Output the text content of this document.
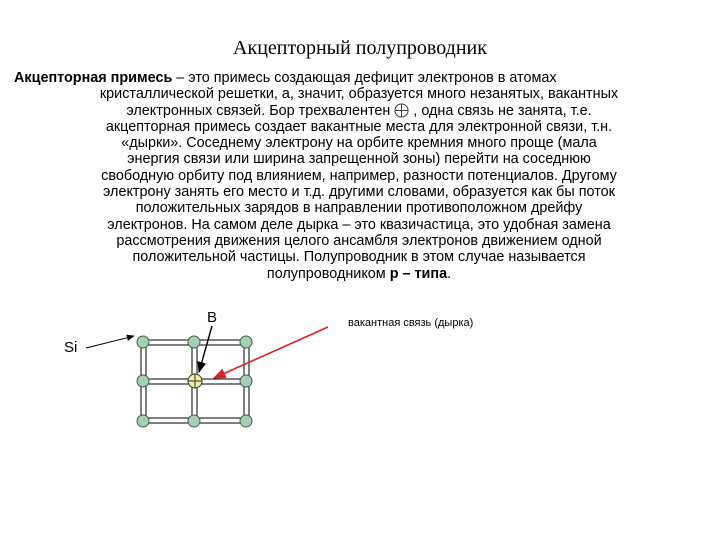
Акцепторный полупроводник
Акцепторная примесь – это примесь создающая дефицит электронов в атомах
кристаллической решетки, а, значит, образуется много незанятых, вакантных
электронных связей. Бор трехвалентен , одна связь не занята, т.е.
акцепторная примесь создает вакантные места для электронной связи, т.н.
«дырки». Соседнему электрону на орбите кремния много проще (мала
энергия связи или ширина запрещенной зоны) перейти на соседнюю
свободную орбиту под влиянием, например, разности потенциалов. Другому
электрону занять его место и т.д. другими словами, образуется как бы поток
положительных зарядов в направлении противоположном дрейфу
электронов. На самом деле дырка – это квазичастица, это удобная замена
рассмотрения движения целого ансамбля электронов движением одной
положительной частицы. Полупроводник в этом случае называется
полупроводником р – типа.
B
Si
вакантная связь (дырка)
